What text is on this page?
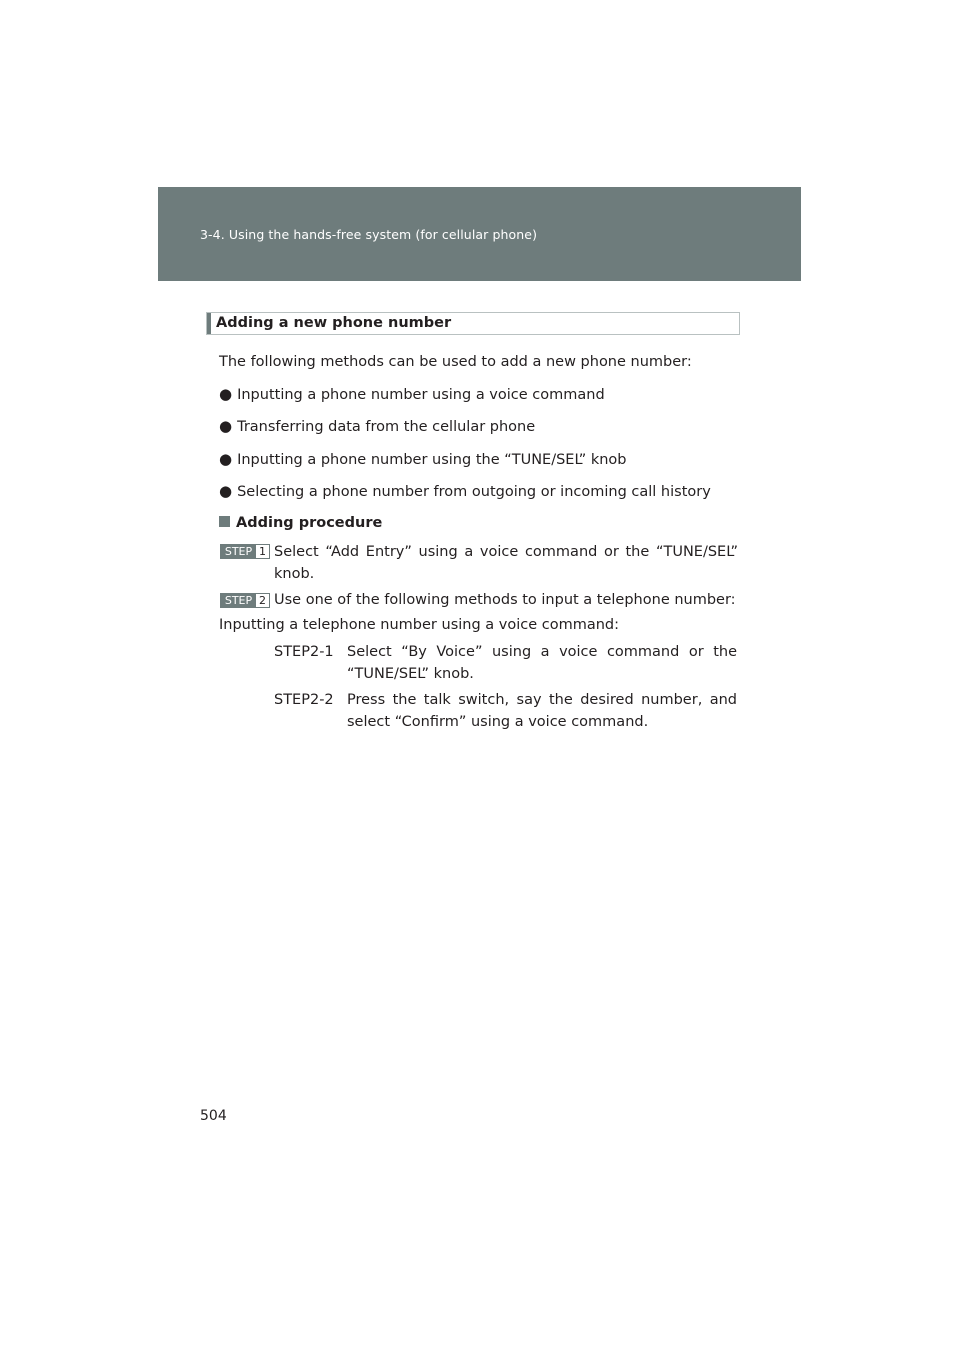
3-4. Using the hands-free system (for cellular phone)
Adding a new phone number
The following methods can be used to add a new phone number:
● Inputting a phone number using a voice command
● Transferring data from the cellular phone
● Inputting a phone number using the “TUNE/SEL” knob
● Selecting a phone number from outgoing or incoming call history
Adding procedure
STEP 1 Select “Add Entry” using a voice command or the “TUNE/SEL” knob.
STEP 2 Use one of the following methods to input a telephone number:
Inputting a telephone number using a voice command:
STEP2-1 Select “By Voice” using a voice command or the “TUNE/SEL” knob.
STEP2-2 Press the talk switch, say the desired number, and select “Confirm” using a voice command.
504
